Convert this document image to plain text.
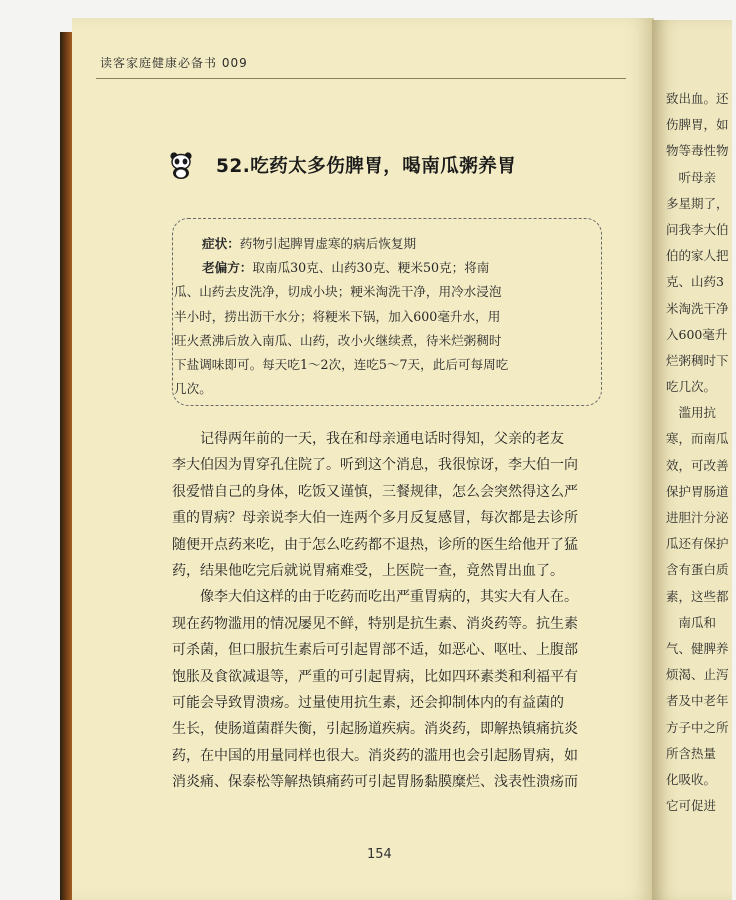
读客家庭健康必备书 009
52.吃药太多伤脾胃，喝南瓜粥养胃
症状：药物引起脾胃虚寒的病后恢复期
老偏方：取南瓜30克、山药30克、粳米50克；将南
瓜、山药去皮洗净，切成小块；粳米淘洗干净，用冷水浸泡
半小时，捞出沥干水分；将粳米下锅，加入600毫升水，用
旺火煮沸后放入南瓜、山药，改小火继续煮，待米烂粥稠时
下盐调味即可。每天吃1～2次，连吃5～7天，此后可每周吃
几次。
　　记得两年前的一天，我在和母亲通电话时得知，父亲的老友
李大伯因为胃穿孔住院了。听到这个消息，我很惊讶，李大伯一向
很爱惜自己的身体，吃饭又谨慎，三餐规律，怎么会突然得这么严
重的胃病？母亲说李大伯一连两个多月反复感冒，每次都是去诊所
随便开点药来吃，由于怎么吃药都不退热，诊所的医生给他开了猛
药，结果他吃完后就说胃痛难受，上医院一查，竟然胃出血了。
　　像李大伯这样的由于吃药而吃出严重胃病的，其实大有人在。
现在药物滥用的情况屡见不鲜，特别是抗生素、消炎药等。抗生素
可杀菌，但口服抗生素后可引起胃部不适，如恶心、呕吐、上腹部
饱胀及食欲减退等，严重的可引起胃病，比如四环素类和利福平有
可能会导致胃溃疡。过量使用抗生素，还会抑制体内的有益菌的
生长，使肠道菌群失衡，引起肠道疾病。消炎药，即解热镇痛抗炎
药，在中国的用量同样也很大。消炎药的滥用也会引起肠胃病，如
消炎痛、保泰松等解热镇痛药可引起胃肠黏膜糜烂、浅表性溃疡而
154
致出血。还
伤脾胃，如
物等毒性物
　听母亲
多星期了，
问我李大伯
伯的家人把
克、山药3
米淘洗干净
入600毫升
烂粥稠时下
吃几次。
　滥用抗
寒，而南瓜
效，可改善
保护胃肠道
进胆汁分泌
瓜还有保护
含有蛋白质
素，这些都
　南瓜和
气、健脾养
烦渴、止泻
者及中老年
方子中之所
所含热量
化吸收。
它可促进
